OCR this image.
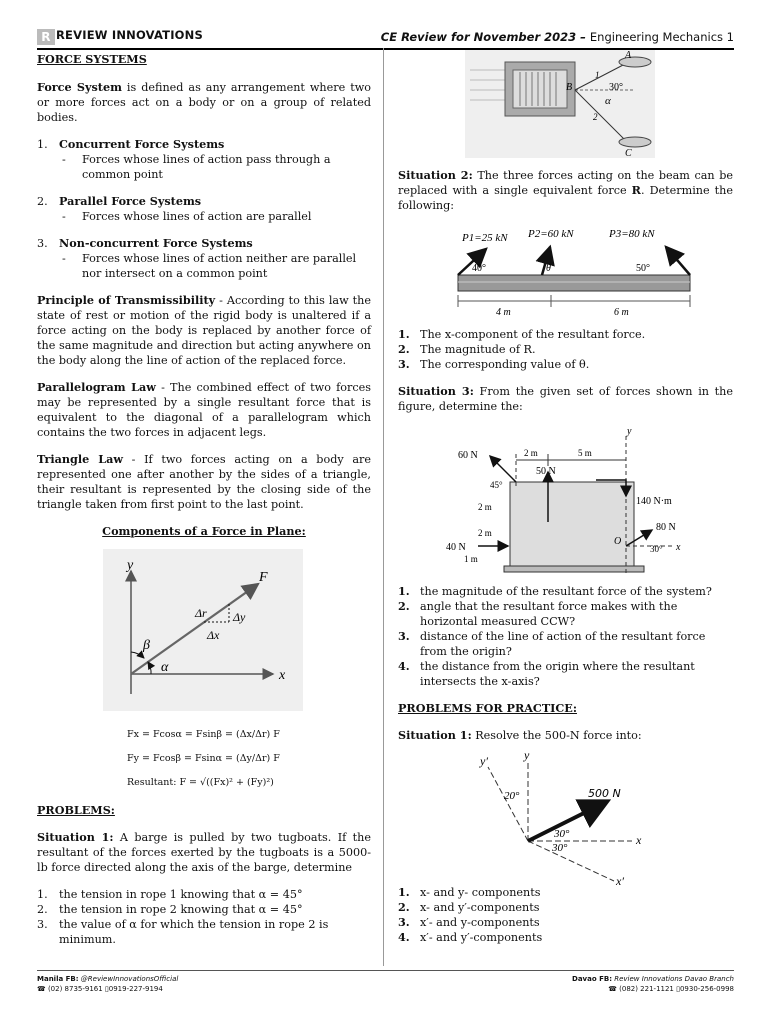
R REVIEW INNOVATIONS	CE Review for November 2023 – Engineering Mechanics 1
FORCE SYSTEMS

Force System is defined as any arrangement where two or more forces act on a body or on a group of related bodies.

1. Concurrent Force Systems
- Forces whose lines of action pass through a common point
2. Parallel Force Systems
- Forces whose lines of action are parallel
3. Non-concurrent Force Systems
- Forces whose lines of action neither are parallel nor intersect on a common point

Principle of Transmissibility - According to this law the state of rest or motion of the rigid body is unaltered if a force acting on the body is replaced by another force of the same magnitude and direction but acting anywhere on the body along the line of action of the replaced force.

Parallelogram Law - The combined effect of two forces may be represented by a single resultant force that is equivalent to the diagonal of a parallelogram which contains the two forces in adjacent legs.

Triangle Law - If two forces acting on a body are represented one after another by the sides of a triangle, their resultant is represented by the closing side of the triangle taken from first point to the last point.

Components of a Force in Plane:
y
x
F
Δr Δy
Δx
β
α
Fx = Fcosα = Fsinβ = (Δx/Δr) F
Fy = Fcosβ = Fsinα = (Δy/Δr) F
Resultant: F = √((Fx)² + (Fy)²)
PROBLEMS:

Situation 1: A barge is pulled by two tugboats. If the resultant of the forces exerted by the tugboats is a 5000-lb force directed along the axis of the barge, determine

1. the tension in rope 1 knowing that α = 45°
2. the tension in rope 2 knowing that α = 45°
3. the value of α for which the tension in rope 2 is minimum.
A
B
C
1
2
30°
α

Situation 2: The three forces acting on the beam can be replaced with a single equivalent force R. Determine the following:

P1=25 kN P2=60 kN	P3=80 kN
40°	θ	50°
4 m	6 m
1. The x-component of the resultant force.
2. The magnitude of R.
3. The corresponding value of θ.

Situation 3: From the given set of forces shown in the figure, determine the:

60 N
50 N
140 N·m
80 N
40 N
y
x
O
2 m	5 m
2 m
2 m
1 m
45°
30°
1. the magnitude of the resultant force of the system?
2. angle that the resultant force makes with the horizontal measured CCW?
3. distance of the line of action of the resultant force from the origin?
4. the distance from the origin where the resultant intersects the x-axis?
PROBLEMS FOR PRACTICE:

Situation 1: Resolve the 500-N force into:

y′	y
20°	500 N
30°
30°
x
x′
1. x- and y- components
2. x- and y′-components
3. x′- and y-components
4. x′- and y′-components
Manila FB: @ReviewInnovationsOfficial
☎ (02) 8735-9161 ▯0919-227-9194
Davao FB: Review Innovations Davao Branch
☎ (082) 221-1121 ▯0930-256-0998
